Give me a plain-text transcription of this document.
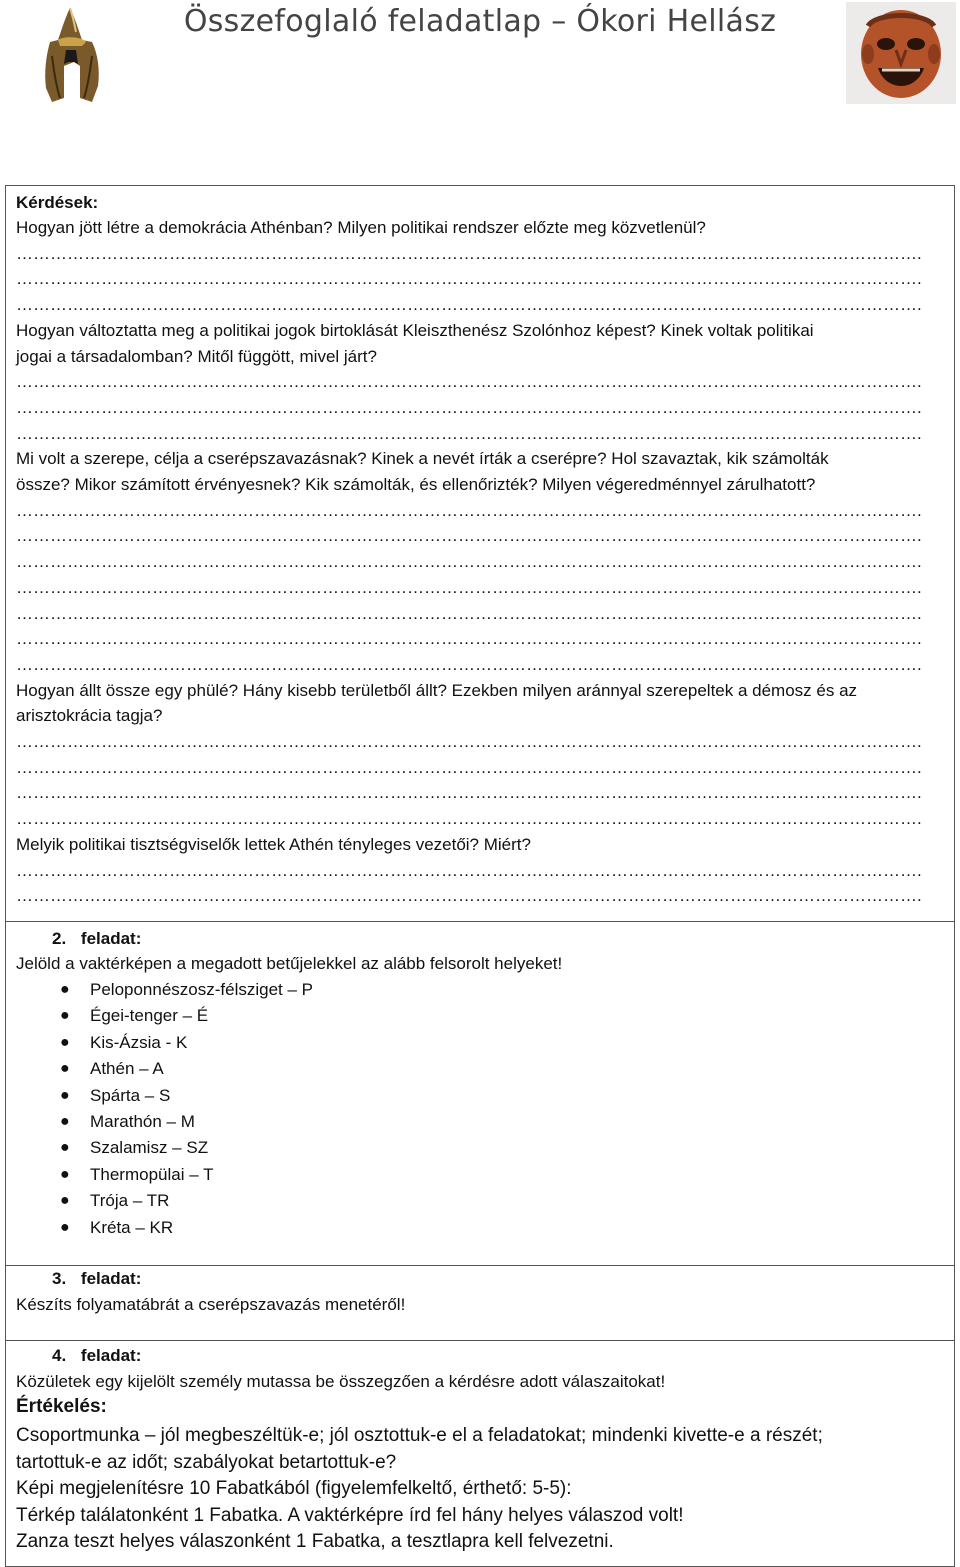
Összefoglaló feladatlap – Ókori Hellász
Kérdések:
Hogyan jött létre a demokrácia Athénban? Milyen politikai rendszer előzte meg közvetlenül?
…………………………………………………………………………………………………………………………………………….
…………………………………………………………………………………………………………………………………………….
…………………………………………………………………………………………………………………………………………….
Hogyan változtatta meg a politikai jogok birtoklását Kleiszthenész Szolónhoz képest? Kinek voltak politikai
jogai a társadalomban? Mitől függött, mivel járt?
…………………………………………………………………………………………………………………………………………….
…………………………………………………………………………………………………………………………………………….
…………………………………………………………………………………………………………………………………………….
Mi volt a szerepe, célja a cserépszavazásnak? Kinek a nevét írták a cserépre? Hol szavaztak, kik számolták
össze? Mikor számított érvényesnek? Kik számolták, és ellenőrizték? Milyen végeredménnyel zárulhatott?
…………………………………………………………………………………………………………………………………………….
…………………………………………………………………………………………………………………………………………….
…………………………………………………………………………………………………………………………………………….
…………………………………………………………………………………………………………………………………………….
…………………………………………………………………………………………………………………………………………….
…………………………………………………………………………………………………………………………………………….
…………………………………………………………………………………………………………………………………………….
Hogyan állt össze egy phülé? Hány kisebb területből állt? Ezekben milyen aránnyal szerepeltek a démosz és az
arisztokrácia tagja?
…………………………………………………………………………………………………………………………………………….
…………………………………………………………………………………………………………………………………………….
…………………………………………………………………………………………………………………………………………….
…………………………………………………………………………………………………………………………………………….
Melyik politikai tisztségviselők lettek Athén tényleges vezetői? Miért?
…………………………………………………………………………………………………………………………………………….
…………………………………………………………………………………………………………………………………………….
2. feladat:
Jelöld a vaktérképen a megadott betűjelekkel az alább felsorolt helyeket!
● Peloponnészosz-félsziget – P
● Égei-tenger – É
● Kis-Ázsia - K
● Athén – A
● Spárta – S
● Marathón – M
● Szalamisz – SZ
● Thermopülai – T
● Trója – TR
● Kréta – KR
3. feladat:
Készíts folyamatábrát a cserépszavazás menetéről!
4. feladat:
Közületek egy kijelölt személy mutassa be összegzően a kérdésre adott válaszaitokat!
Értékelés:
Csoportmunka – jól megbeszéltük-e; jól osztottuk-e el a feladatokat; mindenki kivette-e a részét;
tartottuk-e az időt; szabályokat betartottuk-e?
Képi megjelenítésre 10 Fabatkából (figyelemfelkeltő, érthető: 5-5):
Térkép találatonként 1 Fabatka. A vaktérképre írd fel hány helyes válaszod volt!
Zanza teszt helyes válaszonként 1 Fabatka, a tesztlapra kell felvezetni.
